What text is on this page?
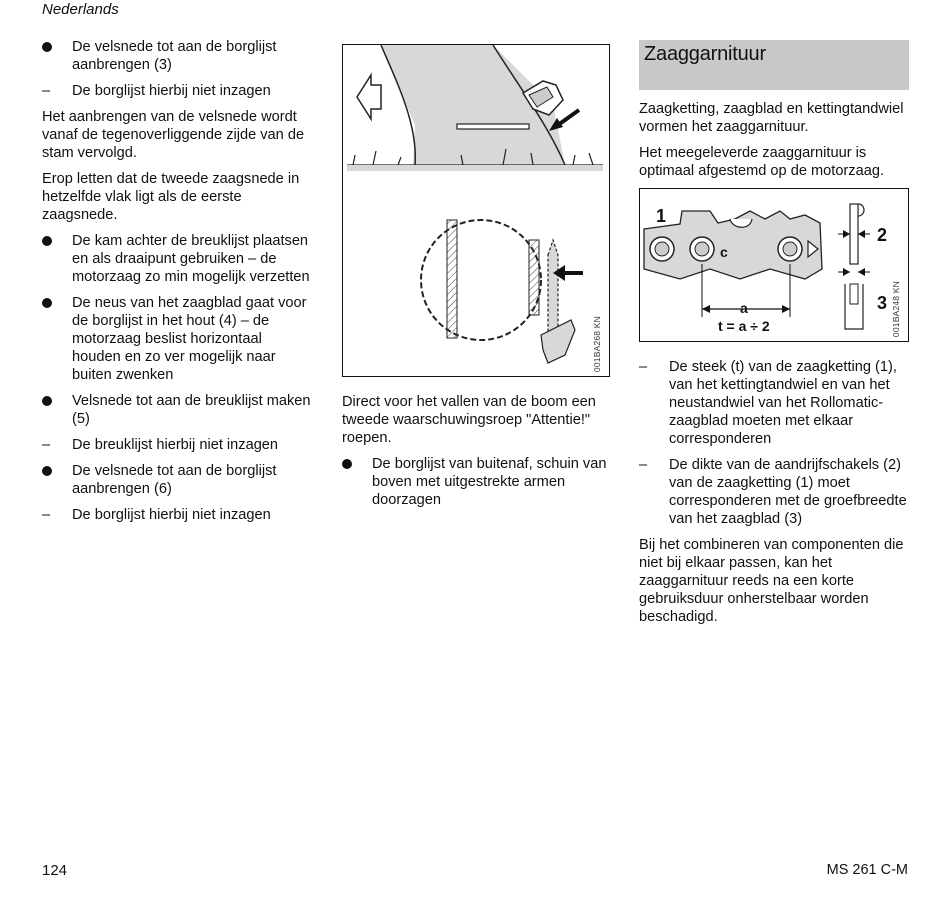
Nederlands
De velsnede tot aan de borglijst aanbrengen (3)
–	De borglijst hierbij niet inzagen

Het aanbrengen van de velsnede wordt vanaf de tegenoverliggende zijde van de stam vervolgd.

Erop letten dat de tweede zaagsnede in hetzelfde vlak ligt als de eerste zaagsnede.

De kam achter de breuklijst plaatsen en als draaipunt gebruiken – de motorzaag zo min mogelijk verzetten
De neus van het zaagblad gaat voor de borglijst in het hout (4) – de motorzaag beslist horizontaal houden en zo ver mogelijk naar buiten zwenken
Velsnede tot aan de breuklijst maken (5)
–	De breuklijst hierbij niet inzagen
De velsnede tot aan de borglijst aanbrengen (6)
–	De borglijst hierbij niet inzagen
001BA268 KN

Direct voor het vallen van de boom een tweede waarschuwingsroep "Attentie!" roepen.

De borglijst van buitenaf, schuin van boven met uitgestrekte armen doorzagen
Zaaggarnituur

Zaagketting, zaagblad en kettingtandwiel vormen het zaaggarnituur.

Het meegeleverde zaaggarnituur is optimaal afgestemd op de motorzaag.

1
c
a
t = a ÷ 2
2
3 001BA248 KN
–	De steek (t) van de zaagketting (1), van het kettingtandwiel en van het neustandwiel van het Rollomatic-zaagblad moeten met elkaar corresponderen
–	De dikte van de aandrijfschakels (2) van de zaagketting (1) moet corresponderen met de groefbreedte van het zaagblad (3)

Bij het combineren van componenten die niet bij elkaar passen, kan het zaaggarnituur reeds na een korte gebruiksduur onherstelbaar worden beschadigd.

124	MS 261 C-M
